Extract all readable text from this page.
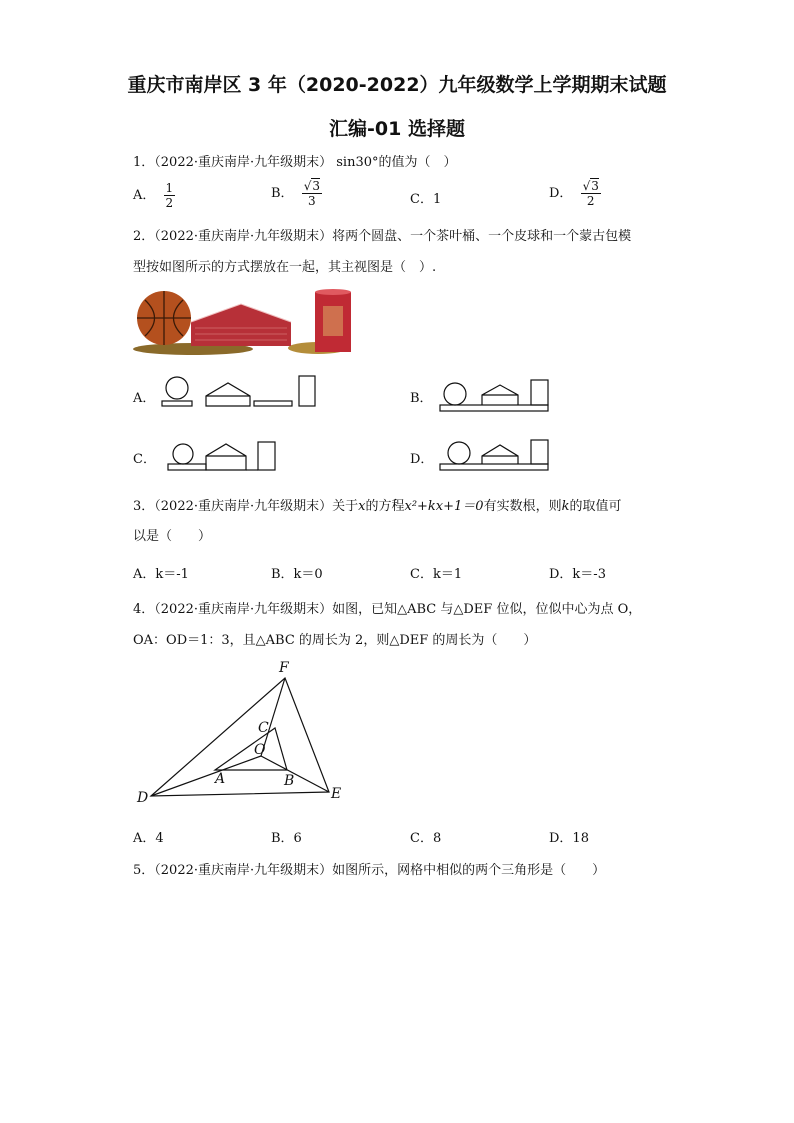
重庆市南岸区 3 年（2020-2022）九年级数学上学期期末试题
汇编-01 选择题
1．（2022·重庆南岸·九年级期末） sin30°的值为（　）
A． $\frac{1}{2}$	B． $\frac{√3}{3}$	C．1	D． $\frac{√3}{2}$
2．（2022·重庆南岸·九年级期末）将两个圆盘、一个茶叶桶、一个皮球和一个蒙古包模
型按如图所示的方式摆放在一起，其主视图是（　）.
A．	B．
C．	D．
3．（2022·重庆南岸·九年级期末）关于x的方程x²+kx+1＝0有实数根，则k的取值可
以是（　　）
A．k＝-1	B．k＝0	C．k＝1	D．k＝-3
4．（2022·重庆南岸·九年级期末）如图，已知△ABC 与△DEF 位似，位似中心为点 O，
OA：OD＝1：3，且△ABC 的周长为 2，则△DEF 的周长为（　　）
F
C
O
A	B
D	E
A．4	B．6	C．8	D．18
5．（2022·重庆南岸·九年级期末）如图所示，网格中相似的两个三角形是（　　）
